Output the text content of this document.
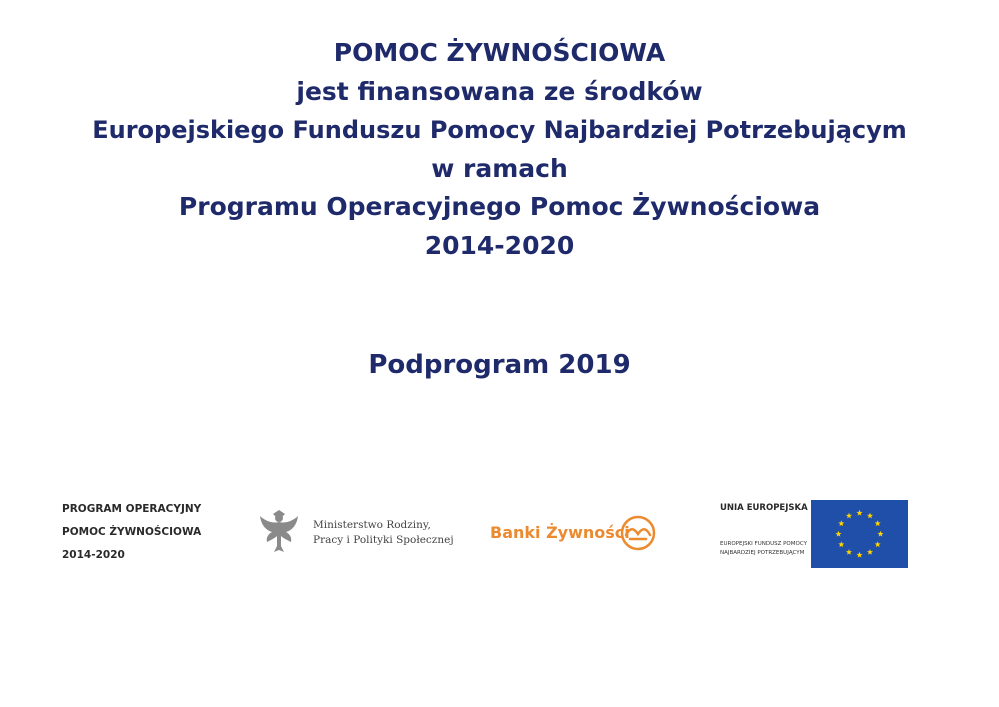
POMOC ŻYWNOŚCIOWA
jest finansowana ze środków
Europejskiego Funduszu Pomocy Najbardziej Potrzebującym
w ramach
Programu Operacyjnego Pomoc Żywnościowa
2014-2020
Podprogram 2019
PROGRAM OPERACYJNY
POMOC ŻYWNOŚCIOWA
2014-2020
Ministerstwo Rodziny,
Pracy i Polityki Społecznej Banki Żywności
UNIA EUROPEJSKA
EUROPEJSKI FUNDUSZ POMOCY
NAJBARDZIEJ POTRZEBUJĄCYM
